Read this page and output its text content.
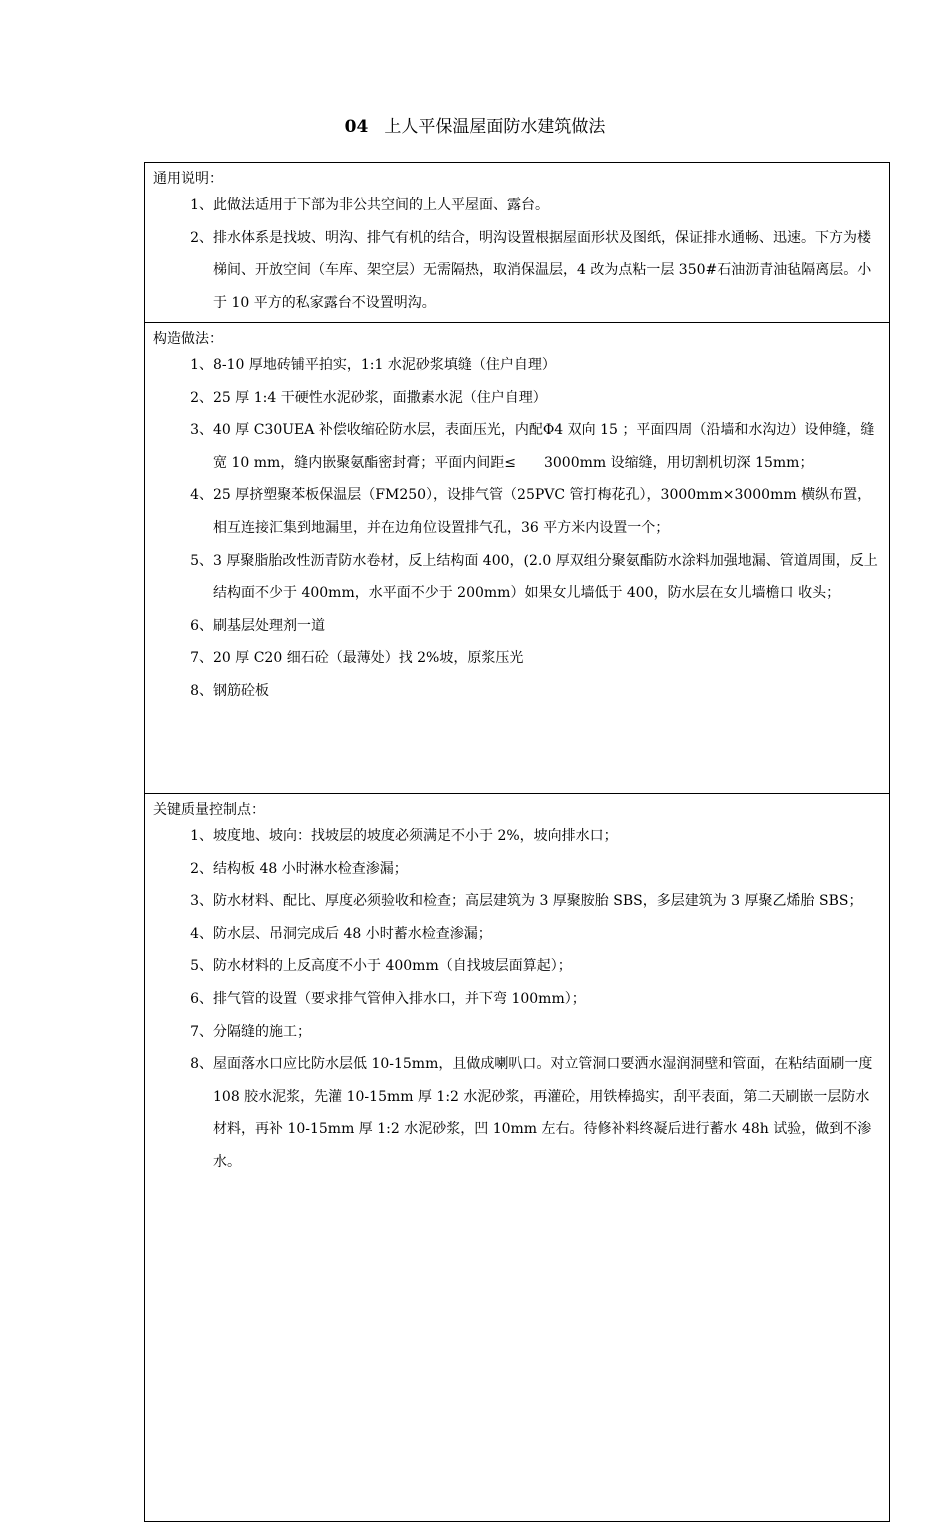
04 上人平保温屋面防水建筑做法
通用说明：
1、 此做法适用于下部为非公共空间的上人平屋面、露台。
2、 排水体系是找坡、明沟、排气有机的结合，明沟设置根据屋面形状及图纸，保证排水通畅、迅速。下方为楼梯间、开放空间（车库、架空层）无需隔热，取消保温层，4 改为点粘一层 350#石油沥青油毡隔离层。小于 10 平方的私家露台不设置明沟。
构造做法：
1、 8-10 厚地砖铺平拍实，1:1 水泥砂浆填缝（住户自理）
2、 25 厚 1:4 干硬性水泥砂浆，面撒素水泥（住户自理）
3、 40 厚 C30UEA 补偿收缩砼防水层，表面压光，内配Φ4 双向 15 ；平面四周（沿墙和水沟边）设伸缝，缝宽 10 mm，缝内嵌聚氨酯密封膏；平面内间距≤　　3000mm 设缩缝，用切割机切深 15mm；
4、 25 厚挤塑聚苯板保温层（FM250），设排气管（25PVC 管打梅花孔），3000mm×3000mm 横纵布置，相互连接汇集到地漏里，并在边角位设置排气孔，36 平方米内设置一个；
5、 3 厚聚脂胎改性沥青防水卷材，反上结构面 400，(2.0 厚双组分聚氨酯防水涂料加强地漏、管道周围，反上结构面不少于 400mm，水平面不少于 200mm）如果女儿墙低于 400，防水层在女儿墙檐口 收头；
6、 刷基层处理剂一道
7、 20 厚 C20 细石砼（最薄处）找 2%坡，原浆压光
8、 钢筋砼板
关键质量控制点：
1、 坡度地、坡向：找坡层的坡度必须满足不小于 2%，坡向排水口；
2、 结构板 48 小时淋水检查渗漏；
3、 防水材料、配比、厚度必须验收和检查；高层建筑为 3 厚聚胺胎 SBS，多层建筑为 3 厚聚乙烯胎 SBS；
4、 防水层、吊洞完成后 48 小时蓄水检查渗漏；
5、 防水材料的上反高度不小于 400mm（自找坡层面算起）；
6、 排气管的设置（要求排气管伸入排水口，并下弯 100mm）；
7、 分隔缝的施工；
8、 屋面落水口应比防水层低 10-15mm，且做成喇叭口。对立管洞口要洒水湿润洞壁和管面，在粘结面刷一度 108 胶水泥浆，先灌 10-15mm 厚 1:2 水泥砂浆，再灌砼，用铁棒捣实，刮平表面，第二天刷嵌一层防水材料，再补 10-15mm 厚 1:2 水泥砂浆，凹 10mm 左右。待修补料终凝后进行蓄水 48h 试验，做到不渗水。
